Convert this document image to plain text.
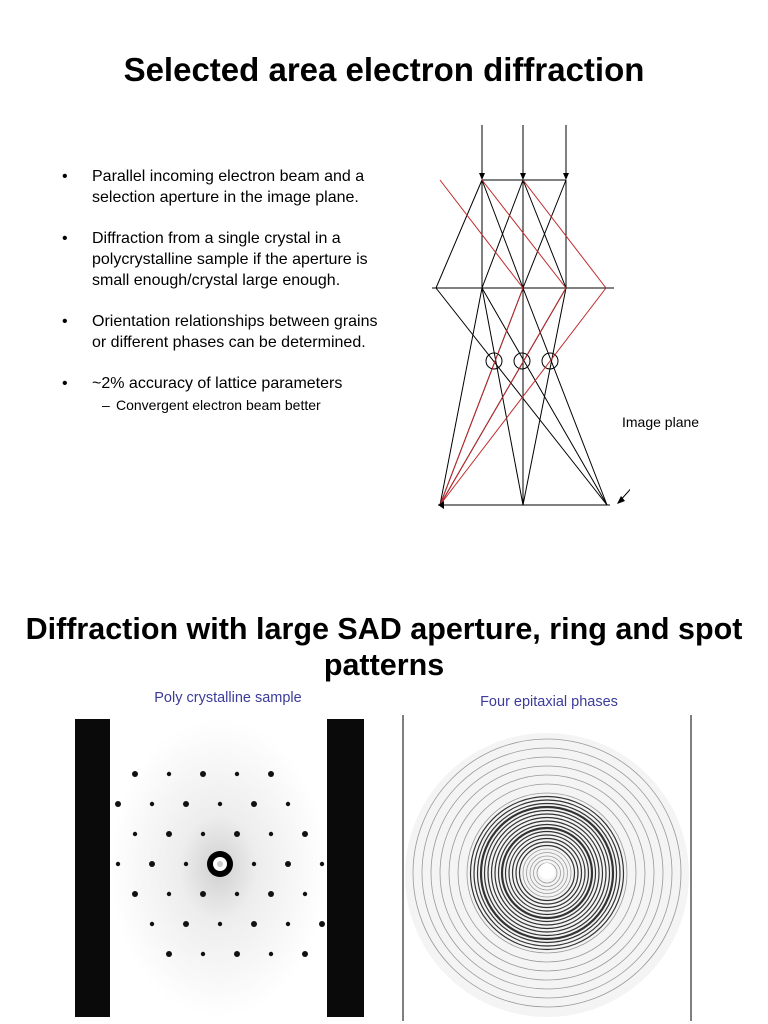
Selected area electron diffraction
• Parallel incoming electron beam and a selection aperture in the image plane.
• Diffraction from a single crystal in a polycrystalline sample if the aperture is small enough/crystal large enough.
• Orientation relationships between grains or different phases can be determined.
• ~2% accuracy of lattice parameters
– Convergent electron beam better
Image plane
Diffraction with large SAD aperture, ring and spot patterns
Poly crystalline sample	Four epitaxial phases
